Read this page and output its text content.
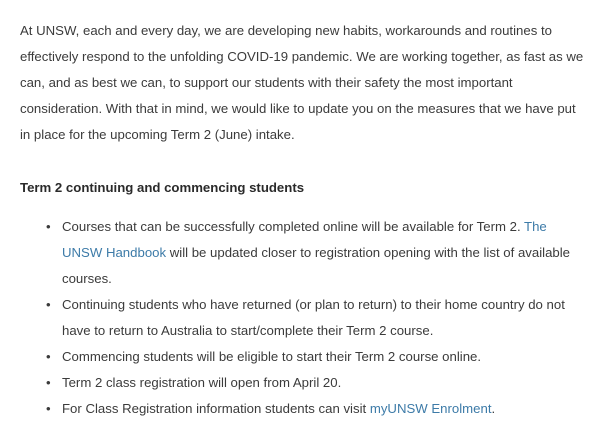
At UNSW, each and every day, we are developing new habits, workarounds and routines to effectively respond to the unfolding COVID-19 pandemic. We are working together, as fast as we can, and as best we can, to support our students with their safety the most important consideration. With that in mind, we would like to update you on the measures that we have put in place for the upcoming Term 2 (June) intake.

Term 2 continuing and commencing students
• Courses that can be successfully completed online will be available for Term 2. The UNSW Handbook will be updated closer to registration opening with the list of available courses.
• Continuing students who have returned (or plan to return) to their home country do not have to return to Australia to start/complete their Term 2 course.
• Commencing students will be eligible to start their Term 2 course online.
• Term 2 class registration will open from April 20.
• For Class Registration information students can visit myUNSW Enrolment.
